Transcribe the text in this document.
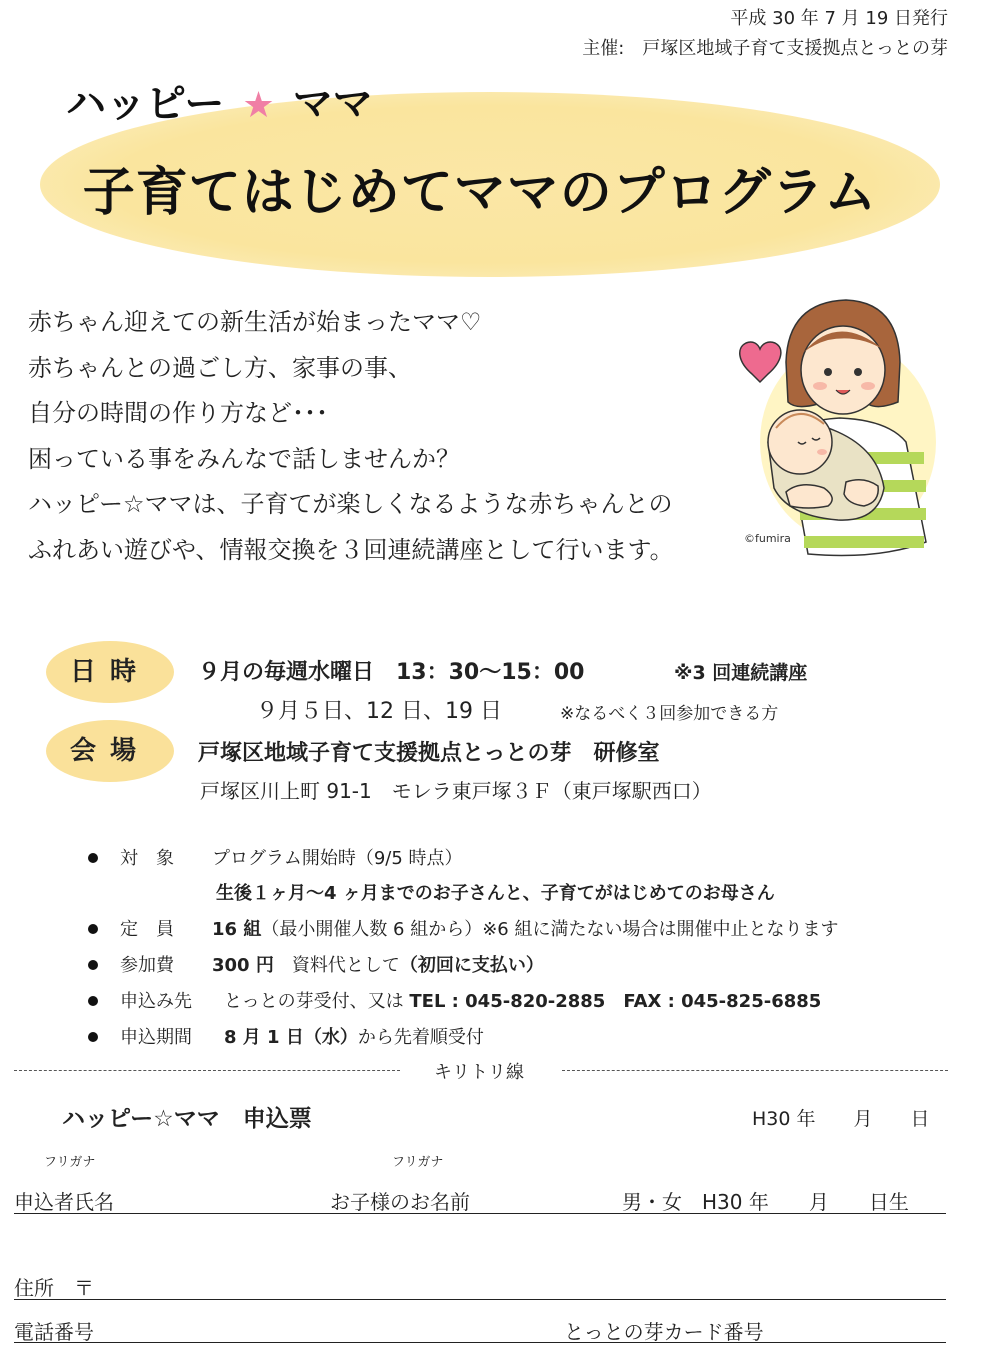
平成 30 年 7 月 19 日発行
主催:　戸塚区地域子育て支援拠点とっとの芽
ハッピー ★ ママ
子育てはじめてママのプログラム
赤ちゃん迎えての新生活が始まったママ♡
赤ちゃんとの過ごし方、家事の事、
自分の時間の作り方など･･･
困っている事をみんなで話しませんか？
ハッピー☆ママは、子育てが楽しくなるような赤ちゃんとの
ふれあい遊びや、情報交換を３回連続講座として行います。	©fumira
日時	９月の毎週水曜日　13：30～15：00	※3 回連続講座
９月５日、12 日、19 日	※なるべく３回参加できる方
会場	戸塚区地域子育て支援拠点とっとの芽　研修室
戸塚区川上町 91-1　モレラ東戸塚３Ｆ（東戸塚駅西口）
対　象 プログラム開始時（9/5 時点）
生後１ヶ月～4 ヶ月までのお子さんと、子育てがはじめてのお母さん
定　員 16 組（最小開催人数 6 組から）※6 組に満たない場合は開催中止となります
参加費 300 円　 資料代として（初回に支払い）
申込み先 とっとの芽受付、又は TEL : 045-820-2885　FAX : 045-825-6885
申込期間 8 月 1 日（水）から先着順受付
キリトリ線
ハッピー☆ママ　申込票	H30 年　　月　　日
フリガナ	フリガナ
申込者氏名	お子様のお名前	男・女　H30 年　　月　　日生
住所　〒
電話番号	とっとの芽カード番号
